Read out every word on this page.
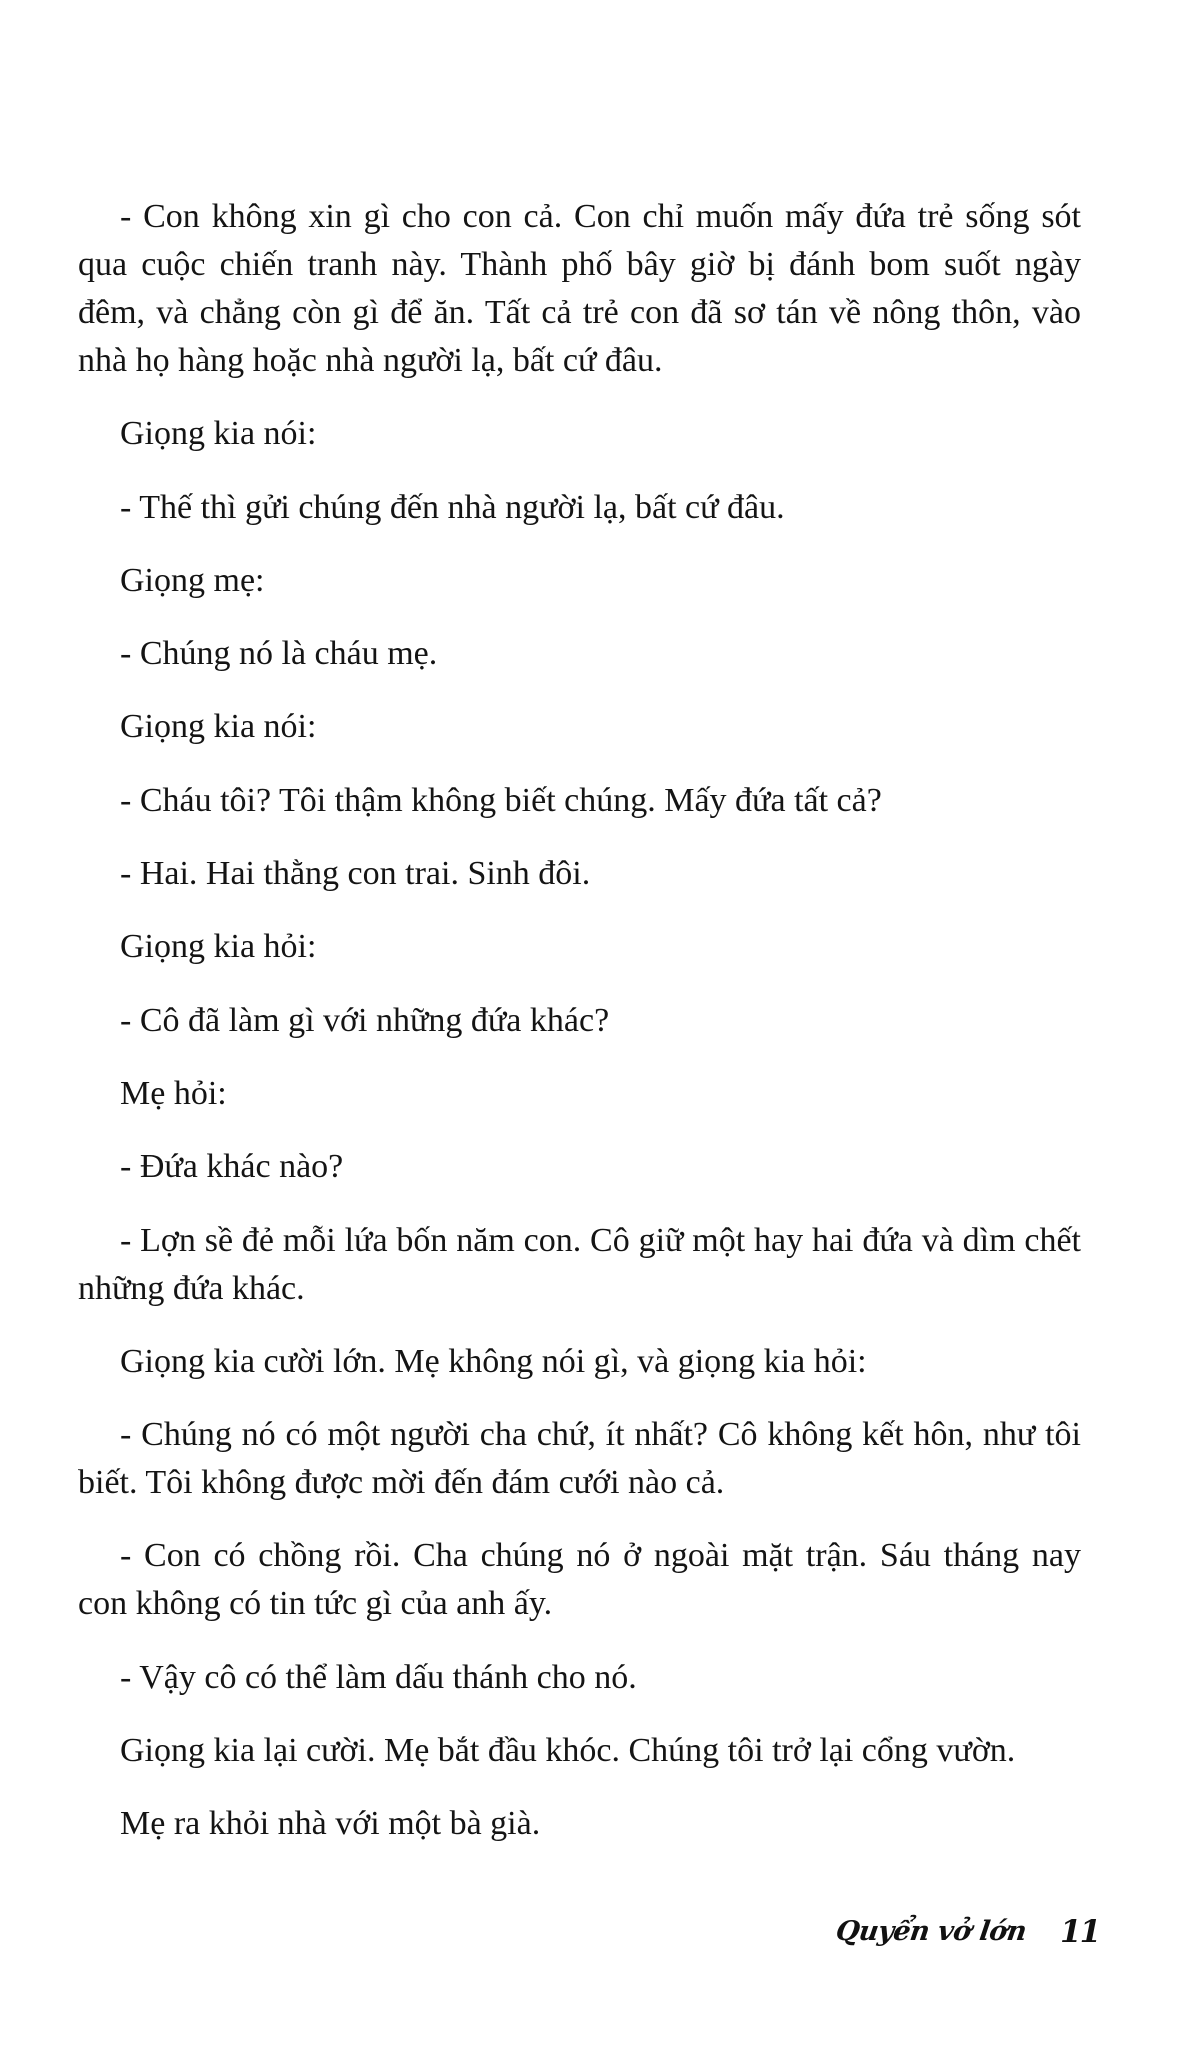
- Con không xin gì cho con cả. Con chỉ muốn mấy đứa trẻ sống sót
qua cuộc chiến tranh này. Thành phố bây giờ bị đánh bom suốt ngày
đêm, và chẳng còn gì để ăn. Tất cả trẻ con đã sơ tán về nông thôn, vào
nhà họ hàng hoặc nhà người lạ, bất cứ đâu.

Giọng kia nói:

- Thế thì gửi chúng đến nhà người lạ, bất cứ đâu.

Giọng mẹ:

- Chúng nó là cháu mẹ.

Giọng kia nói:

- Cháu tôi? Tôi thậm không biết chúng. Mấy đứa tất cả?

- Hai. Hai thằng con trai. Sinh đôi.

Giọng kia hỏi:

- Cô đã làm gì với những đứa khác?

Mẹ hỏi:

- Đứa khác nào?

- Lợn sề đẻ mỗi lứa bốn năm con. Cô giữ một hay hai đứa và dìm chết
những đứa khác.

Giọng kia cười lớn. Mẹ không nói gì, và giọng kia hỏi:

- Chúng nó có một người cha chứ, ít nhất? Cô không kết hôn, như tôi
biết. Tôi không được mời đến đám cưới nào cả.

- Con có chồng rồi. Cha chúng nó ở ngoài mặt trận. Sáu tháng nay
con không có tin tức gì của anh ấy.

- Vậy cô có thể làm dấu thánh cho nó.

Giọng kia lại cười. Mẹ bắt đầu khóc. Chúng tôi trở lại cổng vườn.

Mẹ ra khỏi nhà với một bà già.

Quyển vở lớn 11
